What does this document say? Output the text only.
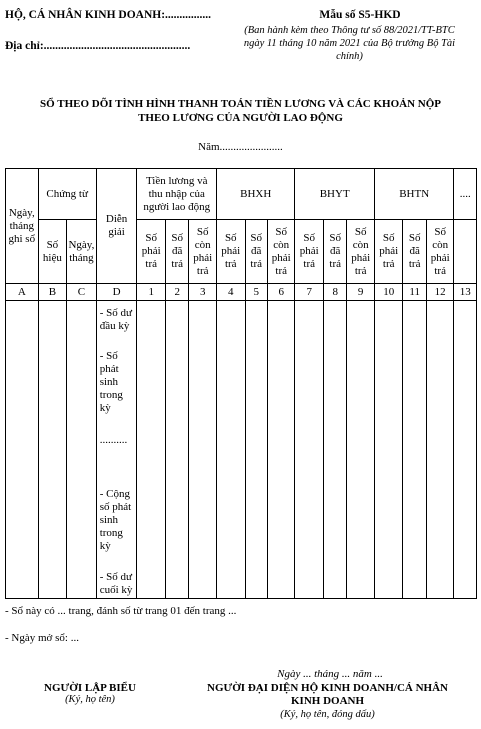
HỘ, CÁ NHÂN KINH DOANH:................
Địa chỉ:...................................................
Mẫu số S5-HKD
(Ban hành kèm theo Thông tư số 88/2021/TT-BTC
ngày 11 tháng 10 năm 2021 của Bộ trưởng Bộ Tài
chính)
SỔ THEO DÕI TÌNH HÌNH THANH TOÁN TIỀN LƯƠNG VÀ CÁC KHOẢN NỘP
THEO LƯƠNG CỦA NGƯỜI LAO ĐỘNG
Năm.......................
Ngày, tháng ghi sổ	Chứng từ		Diễn giải	Tiền lương và thu nhập của người lao động			BHXH			BHYT			BHTN			....
	Số hiệu	Ngày, tháng		Số phải trả	Số đã trả	Số còn phải trả	Số phải trả	Số đã trả	Số còn phải trả	Số phải trả	Số đã trả	Số còn phải trả	Số phải trả	Số đã trả	Số còn phải trả	
A	B	C	D	1	2	3	4	5	6	7	8	9	10	11	12	13

			- Số dư đầu kỳ
- Số phát sinh trong kỳ
..........
- Cộng số phát sinh trong kỳ
- Số dư cuối kỳ													

- Sổ này có ... trang, đánh số từ trang 01 đến trang ...
- Ngày mở sổ: ...
Ngày ... tháng ... năm ...
NGƯỜI LẬP BIỂU
(Ký, họ tên)
NGƯỜI ĐẠI DIỆN HỘ KINH DOANH/CÁ NHÂN
KINH DOANH
(Ký, họ tên, đóng dấu)
